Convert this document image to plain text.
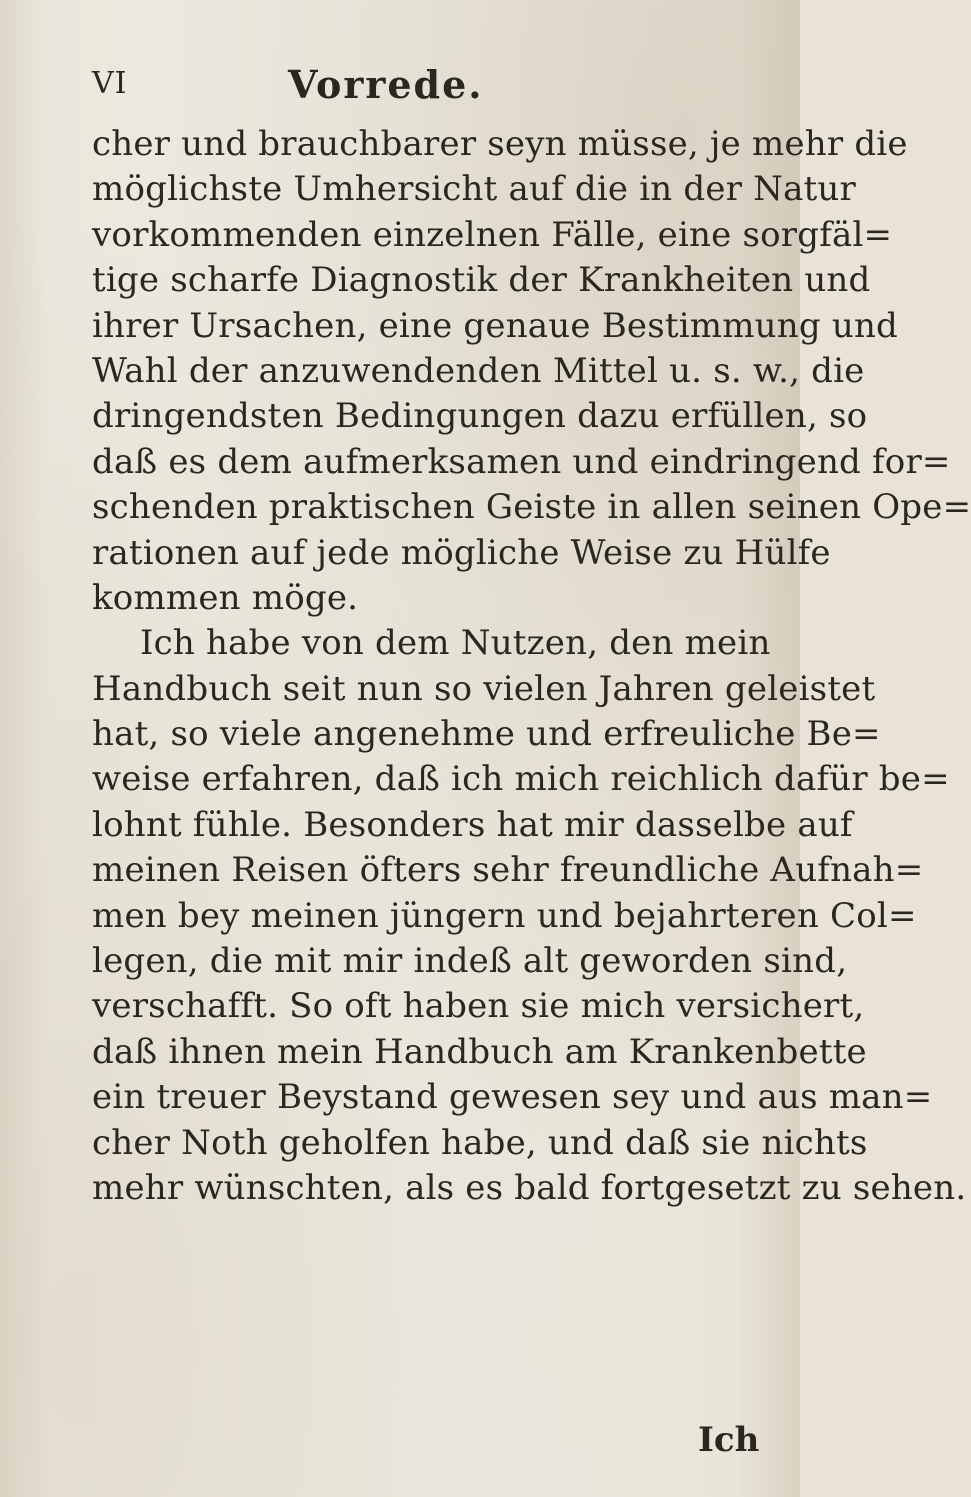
VI	Vorrede.
cher und brauchbarer seyn müsse, je mehr die
möglichste Umhersicht auf die in der Natur
vorkommenden einzelnen Fälle, eine sorgfäl=
tige scharfe Diagnostik der Krankheiten und
ihrer Ursachen, eine genaue Bestimmung und
Wahl der anzuwendenden Mittel u. s. w., die
dringendsten Bedingungen dazu erfüllen, so
daß es dem aufmerksamen und eindringend for=
schenden praktischen Geiste in allen seinen Ope=
rationen auf jede mögliche Weise zu Hülfe
kommen möge.
Ich habe von dem Nutzen, den mein
Handbuch seit nun so vielen Jahren geleistet
hat, so viele angenehme und erfreuliche Be=
weise erfahren, daß ich mich reichlich dafür be=
lohnt fühle. Besonders hat mir dasselbe auf
meinen Reisen öfters sehr freundliche Aufnah=
men bey meinen jüngern und bejahrteren Col=
legen, die mit mir indeß alt geworden sind,
verschafft. So oft haben sie mich versichert,
daß ihnen mein Handbuch am Krankenbette
ein treuer Beystand gewesen sey und aus man=
cher Noth geholfen habe, und daß sie nichts
mehr wünschten, als es bald fortgesetzt zu sehen.
Ich
